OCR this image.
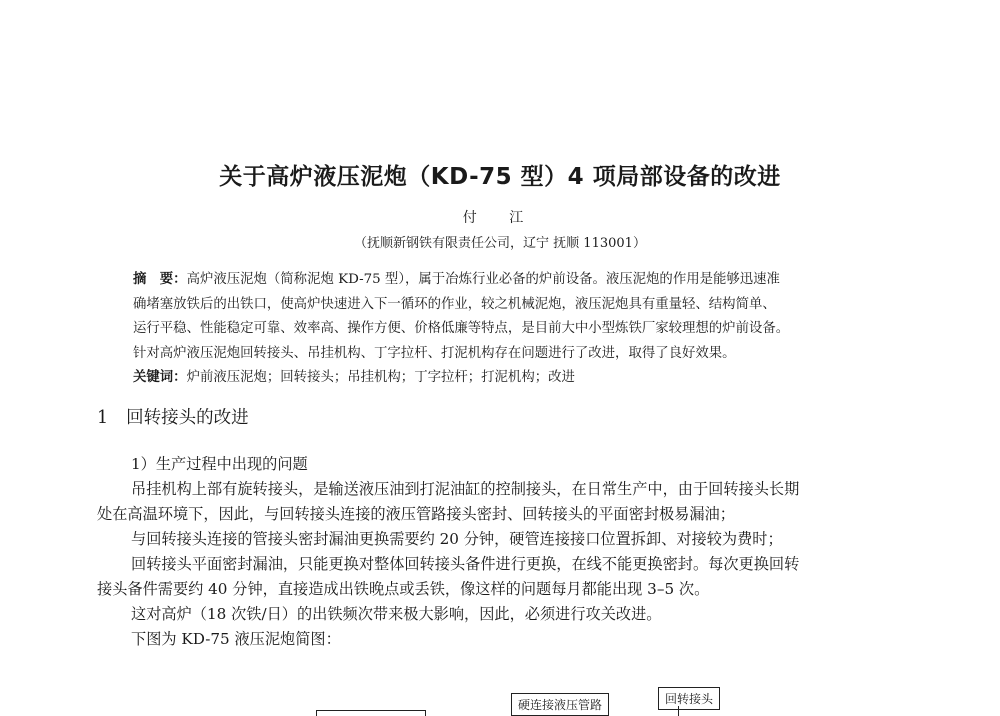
关于高炉液压泥炮（KD-75 型）4 项局部设备的改进
付 江
（抚顺新钢铁有限责任公司，辽宁 抚顺 113001）

摘　要：高炉液压泥炮（简称泥炮 KD-75 型），属于冶炼行业必备的炉前设备。液压泥炮的作用是能够迅速准

确堵塞放铁后的出铁口，使高炉快速进入下一循环的作业，较之机械泥炮，液压泥炮具有重量轻、结构简单、

运行平稳、性能稳定可靠、效率高、操作方便、价格低廉等特点，是目前大中小型炼铁厂家较理想的炉前设备。

针对高炉液压泥炮回转接头、吊挂机构、丁字拉杆、打泥机构存在问题进行了改进，取得了良好效果。

关键词：炉前液压泥炮；回转接头；吊挂机构；丁字拉杆；打泥机构；改进

1 回转接头的改进

1）生产过程中出现的问题

吊挂机构上部有旋转接头，是输送液压油到打泥油缸的控制接头，在日常生产中，由于回转接头长期

处在高温环境下，因此，与回转接头连接的液压管路接头密封、回转接头的平面密封极易漏油；

与回转接头连接的管接头密封漏油更换需要约 20 分钟，硬管连接接口位置拆卸、对接较为费时；

回转接头平面密封漏油，只能更换对整体回转接头备件进行更换，在线不能更换密封。每次更换回转

接头备件需要约 40 分钟，直接造成出铁晚点或丢铁，像这样的问题每月都能出现 3–5 次。

这对高炉（18 次铁/日）的出铁频次带来极大影响，因此，必须进行攻关改进。

下图为 KD-75 液压泥炮简图：

硬连接液压管路	回转接头
